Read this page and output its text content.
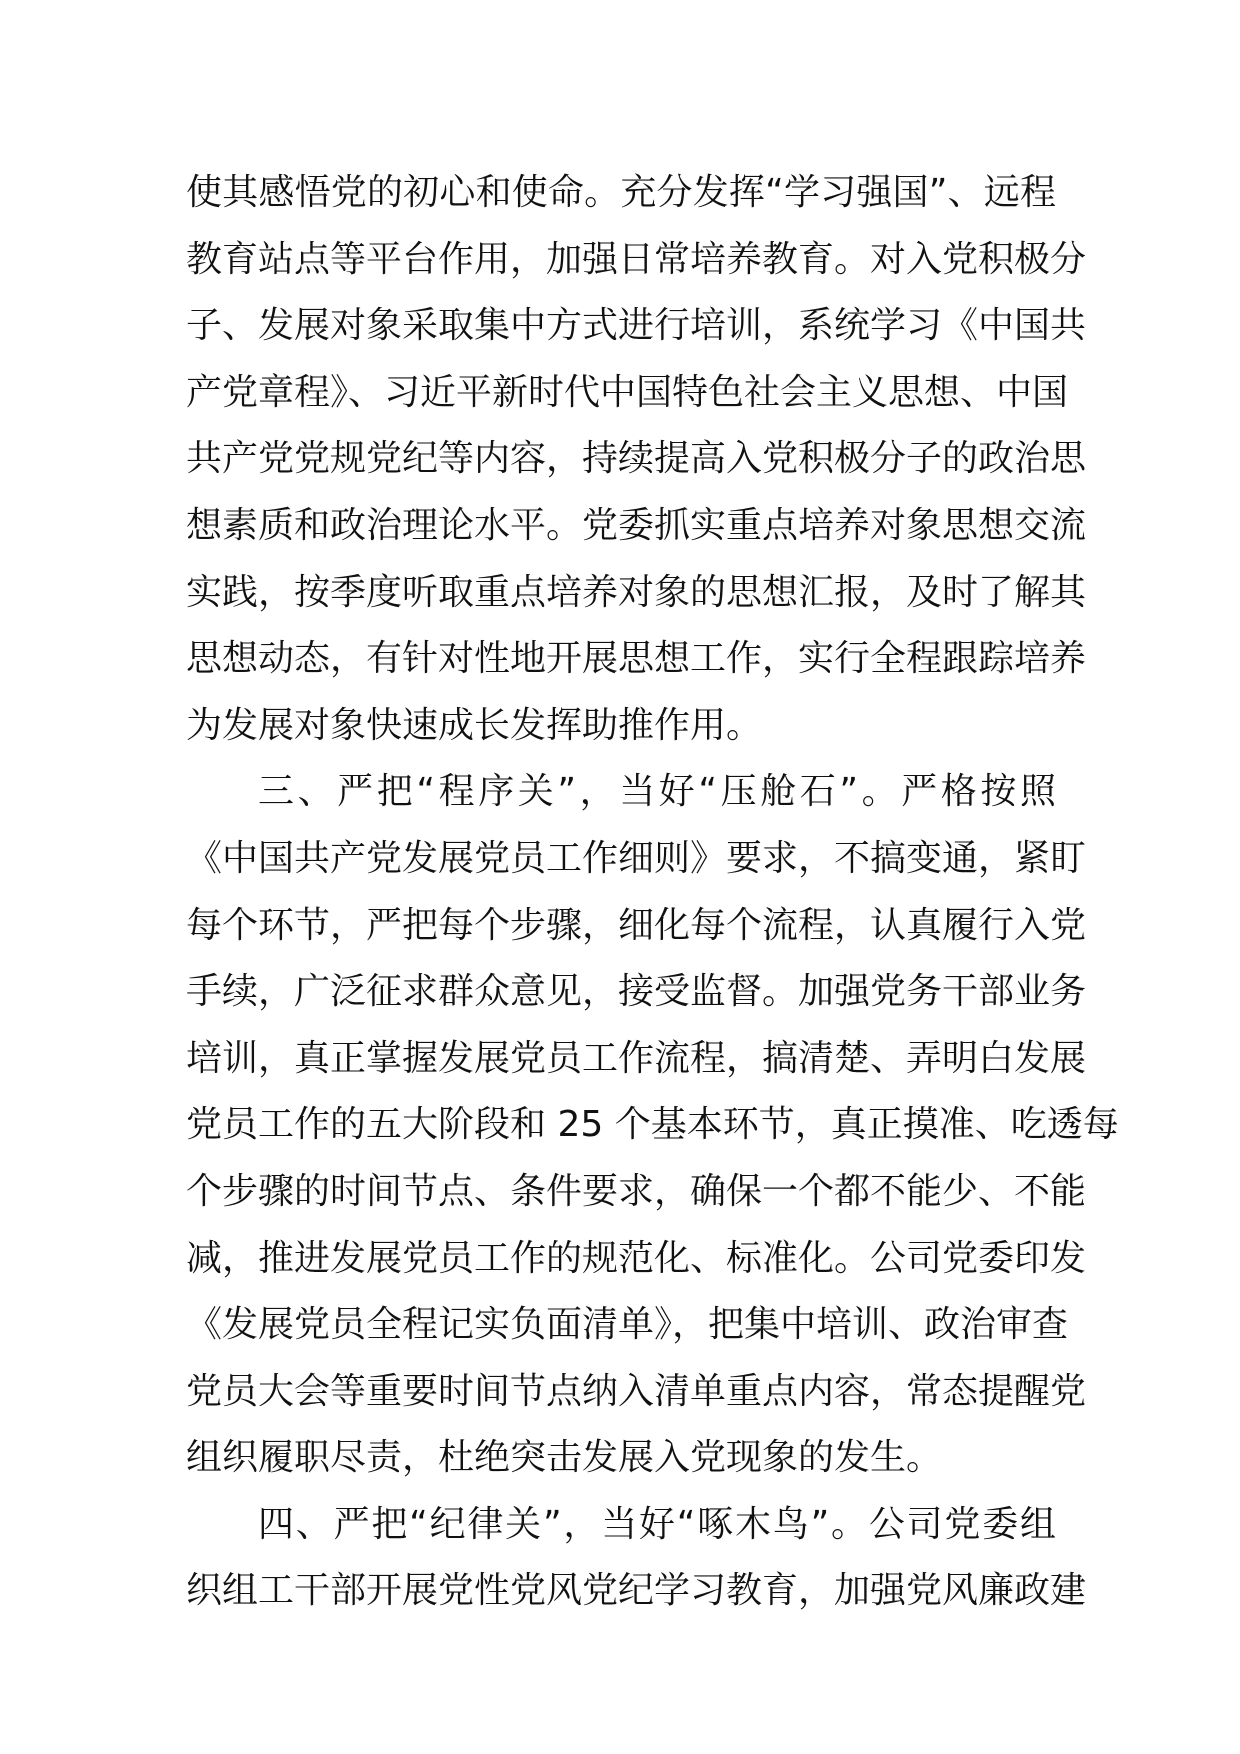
使其感悟党的初心和使命。充分发挥“学习强国”、远程
教育站点等平台作用，加强日常培养教育。对入党积极分
子、发展对象采取集中方式进行培训，系统学习《中国共
产党章程》、习近平新时代中国特色社会主义思想、中国
共产党党规党纪等内容，持续提高入党积极分子的政治思
想素质和政治理论水平。党委抓实重点培养对象思想交流
实践，按季度听取重点培养对象的思想汇报，及时了解其
思想动态，有针对性地开展思想工作，实行全程跟踪培养
为发展对象快速成长发挥助推作用。
三、严把“程序关”，当好“压舱石”。严格按照
《中国共产党发展党员工作细则》要求，不搞变通，紧盯
每个环节，严把每个步骤，细化每个流程，认真履行入党
手续，广泛征求群众意见，接受监督。加强党务干部业务
培训，真正掌握发展党员工作流程，搞清楚、弄明白发展
党员工作的五大阶段和 25 个基本环节，真正摸准、吃透每
个步骤的时间节点、条件要求，确保一个都不能少、不能
减，推进发展党员工作的规范化、标准化。公司党委印发
《发展党员全程记实负面清单》，把集中培训、政治审查
党员大会等重要时间节点纳入清单重点内容，常态提醒党
组织履职尽责，杜绝突击发展入党现象的发生。
四、严把“纪律关”，当好“啄木鸟”。公司党委组
织组工干部开展党性党风党纪学习教育，加强党风廉政建
